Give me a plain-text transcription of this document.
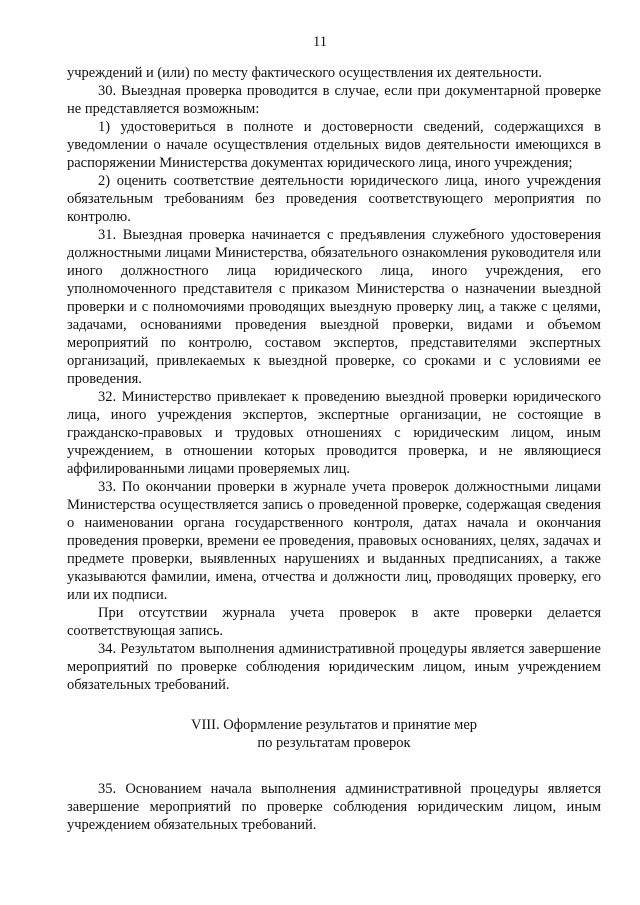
11

учреждений и (или) по месту фактического осуществления их деятельности.

30. Выездная проверка проводится в случае, если при документарной проверке не представляется возможным:

1) удостовериться в полноте и достоверности сведений, содержащихся в уведомлении о начале осуществления отдельных видов деятельности имеющихся в распоряжении Министерства документах юридического лица, иного учреждения;

2) оценить соответствие деятельности юридического лица, иного учреждения обязательным требованиям без проведения соответствующего мероприятия по контролю.

31. Выездная проверка начинается с предъявления служебного удостоверения должностными лицами Министерства, обязательного ознакомления руководителя или иного должностного лица юридического лица, иного учреждения, его уполномоченного представителя с приказом Министерства о назначении выездной проверки и с полномочиями проводящих выездную проверку лиц, а также с целями, задачами, основаниями проведения выездной проверки, видами и объемом мероприятий по контролю, составом экспертов, представителями экспертных организаций, привлекаемых к выездной проверке, со сроками и с условиями ее проведения.

32. Министерство привлекает к проведению выездной проверки юридического лица, иного учреждения экспертов, экспертные организации, не состоящие в гражданско-правовых и трудовых отношениях с юридическим лицом, иным учреждением, в отношении которых проводится проверка, и не являющиеся аффилированными лицами проверяемых лиц.

33. По окончании проверки в журнале учета проверок должностными лицами Министерства осуществляется запись о проведенной проверке, содержащая сведения о наименовании органа государственного контроля, датах начала и окончания проведения проверки, времени ее проведения, правовых основаниях, целях, задачах и предмете проверки, выявленных нарушениях и выданных предписаниях, а также указываются фамилии, имена, отчества и должности лиц, проводящих проверку, его или их подписи.

При отсутствии журнала учета проверок в акте проверки делается соответствующая запись.

34. Результатом выполнения административной процедуры является завершение мероприятий по проверке соблюдения юридическим лицом, иным учреждением обязательных требований.

VIII. Оформление результатов и принятие мер
по результатам проверок

35. Основанием начала выполнения административной процедуры является завершение мероприятий по проверке соблюдения юридическим лицом, иным учреждением обязательных требований.
